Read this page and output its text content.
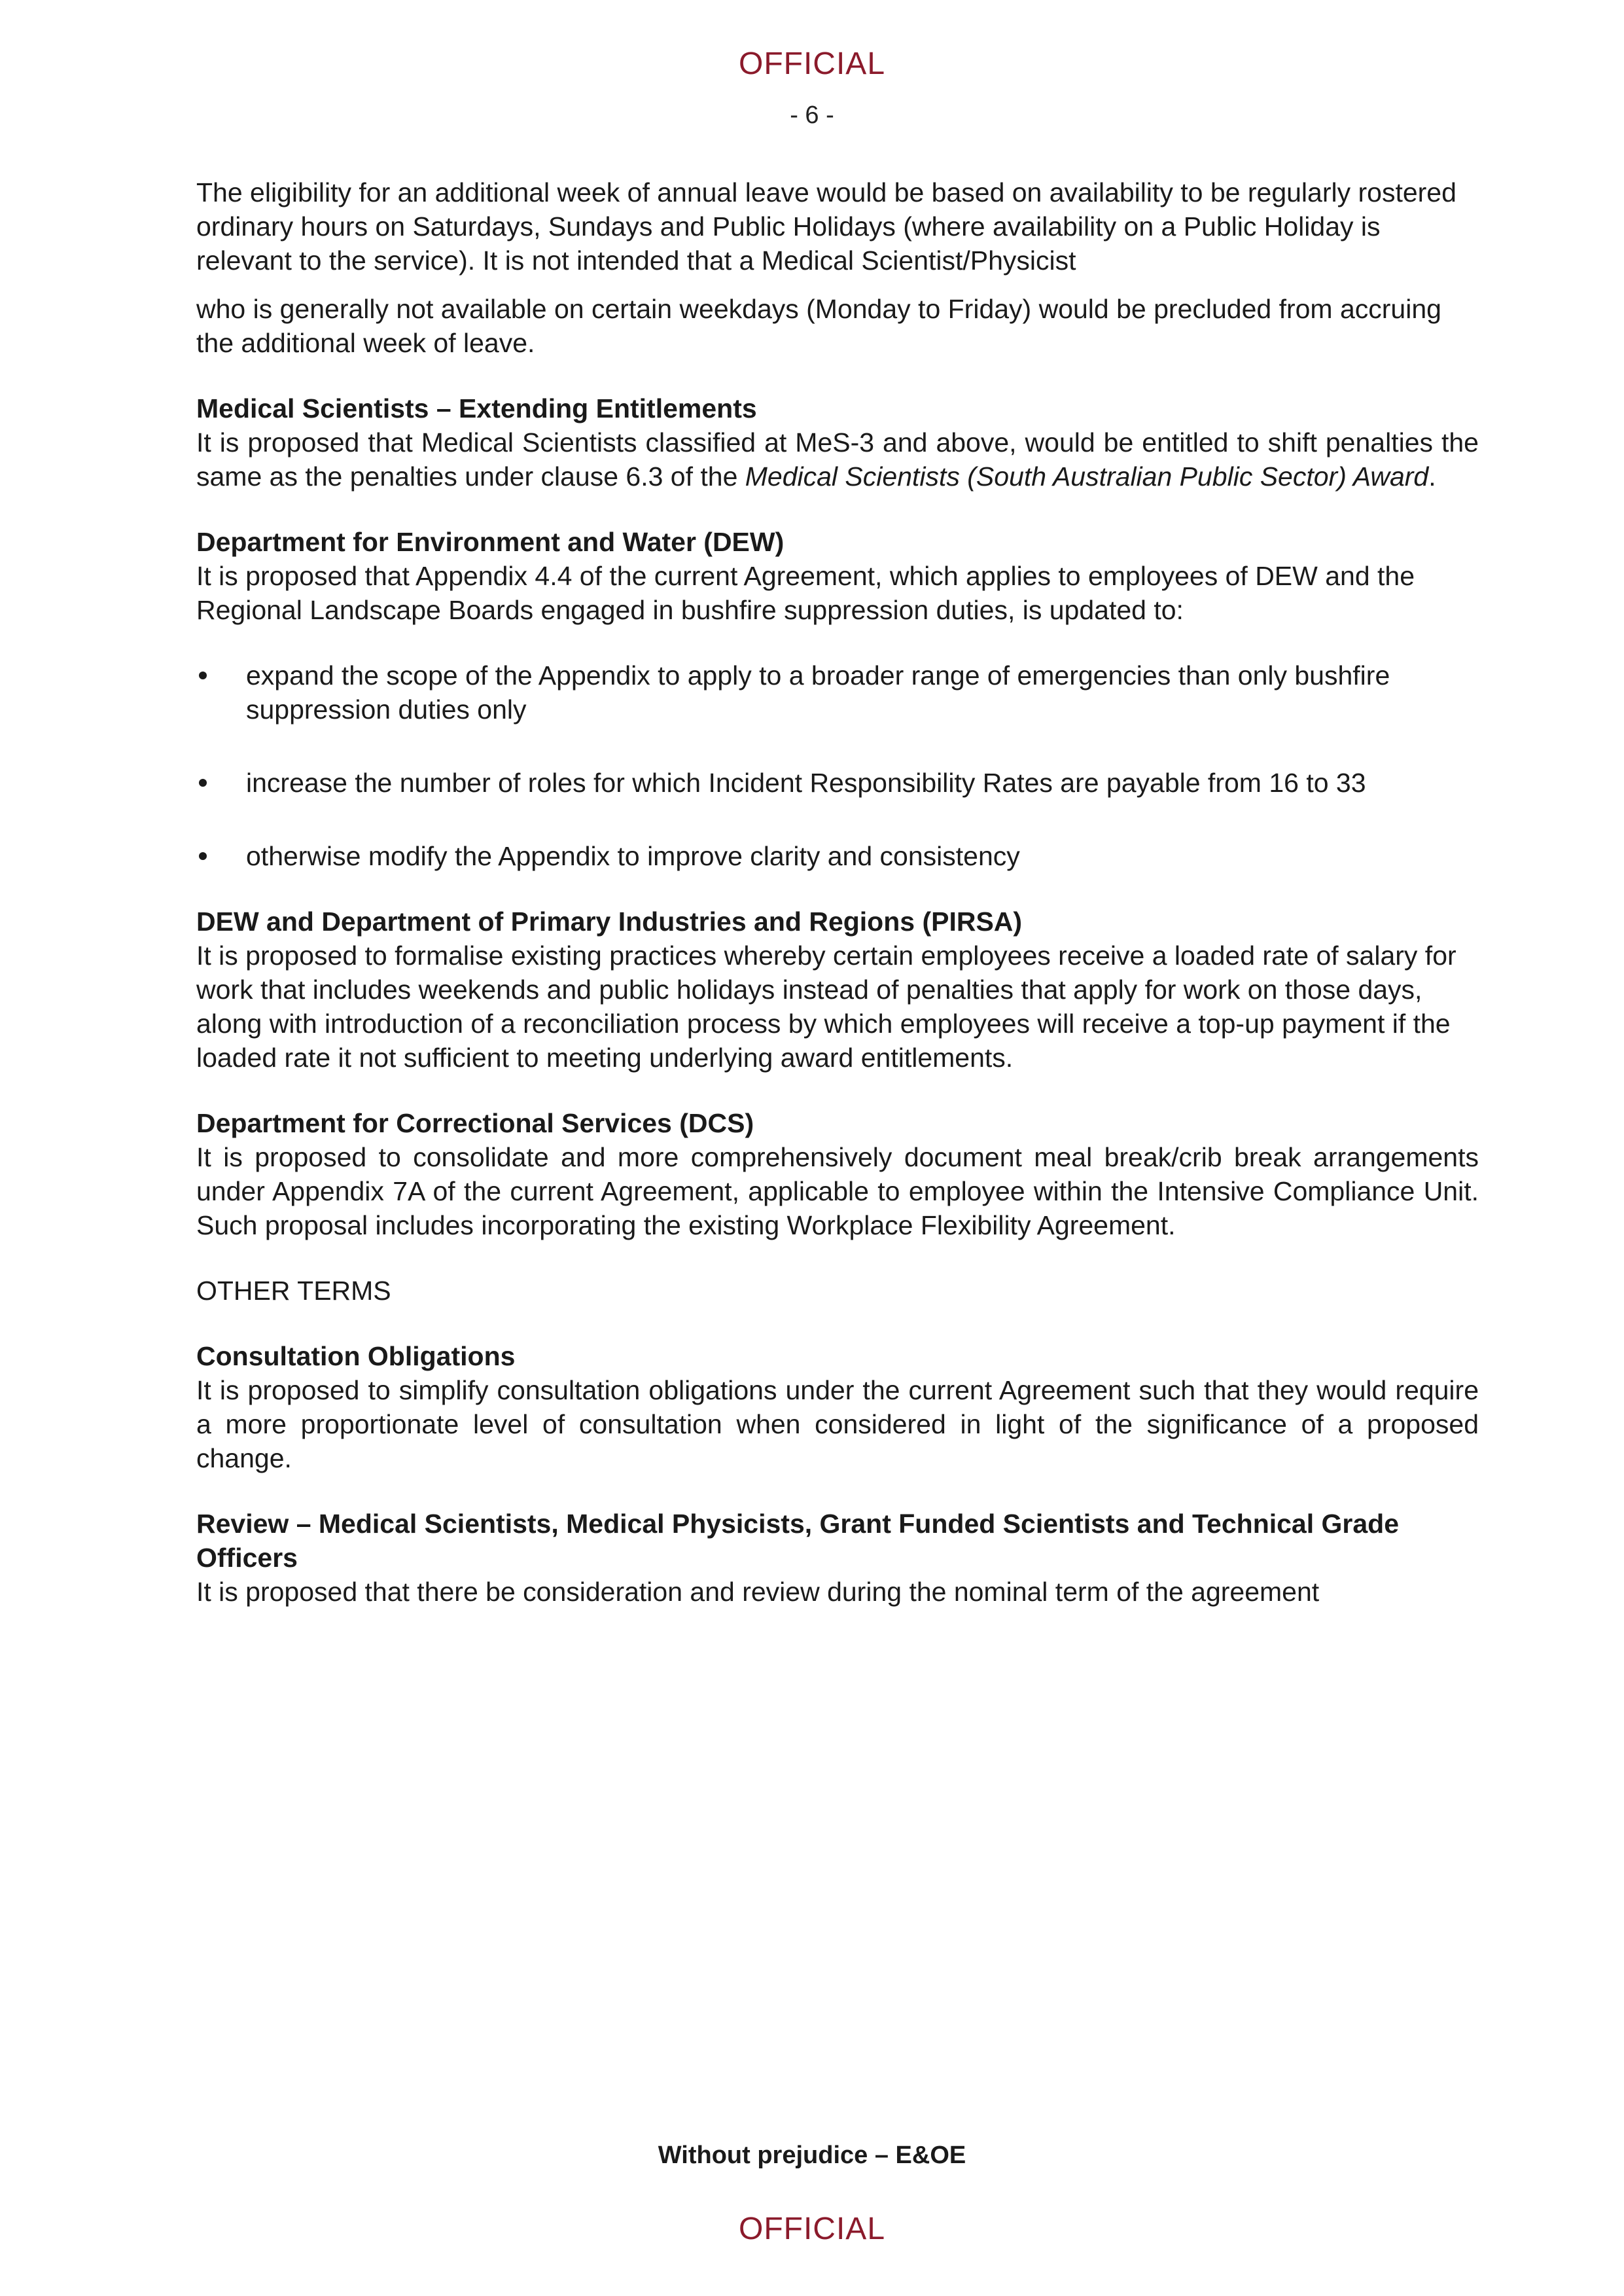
OFFICIAL
- 6 -

The eligibility for an additional week of annual leave would be based on availability to be regularly rostered ordinary hours on Saturdays, Sundays and Public Holidays (where availability on a Public Holiday is relevant to the service). It is not intended that a Medical Scientist/Physicist

who is generally not available on certain weekdays (Monday to Friday) would be precluded from accruing the additional week of leave.

Medical Scientists – Extending Entitlements

It is proposed that Medical Scientists classified at MeS-3 and above, would be entitled to shift penalties the same as the penalties under clause 6.3 of the Medical Scientists (South Australian Public Sector) Award.

Department for Environment and Water (DEW)

It is proposed that Appendix 4.4 of the current Agreement, which applies to employees of DEW and the Regional Landscape Boards engaged in bushfire suppression duties, is updated to:

expand the scope of the Appendix to apply to a broader range of emergencies than only bushfire suppression duties only
increase the number of roles for which Incident Responsibility Rates are payable from 16 to 33
otherwise modify the Appendix to improve clarity and consistency

DEW and Department of Primary Industries and Regions (PIRSA)

It is proposed to formalise existing practices whereby certain employees receive a loaded rate of salary for work that includes weekends and public holidays instead of penalties that apply for work on those days, along with introduction of a reconciliation process by which employees will receive a top-up payment if the loaded rate it not sufficient to meeting underlying award entitlements.

Department for Correctional Services (DCS)

It is proposed to consolidate and more comprehensively document meal break/crib break arrangements under Appendix 7A of the current Agreement, applicable to employee within the Intensive Compliance Unit. Such proposal includes incorporating the existing Workplace Flexibility Agreement.

OTHER TERMS

Consultation Obligations

It is proposed to simplify consultation obligations under the current Agreement such that they would require a more proportionate level of consultation when considered in light of the significance of a proposed change.

Review – Medical Scientists, Medical Physicists, Grant Funded Scientists and Technical Grade Officers

It is proposed that there be consideration and review during the nominal term of the agreement

Without prejudice – E&OE
OFFICIAL
